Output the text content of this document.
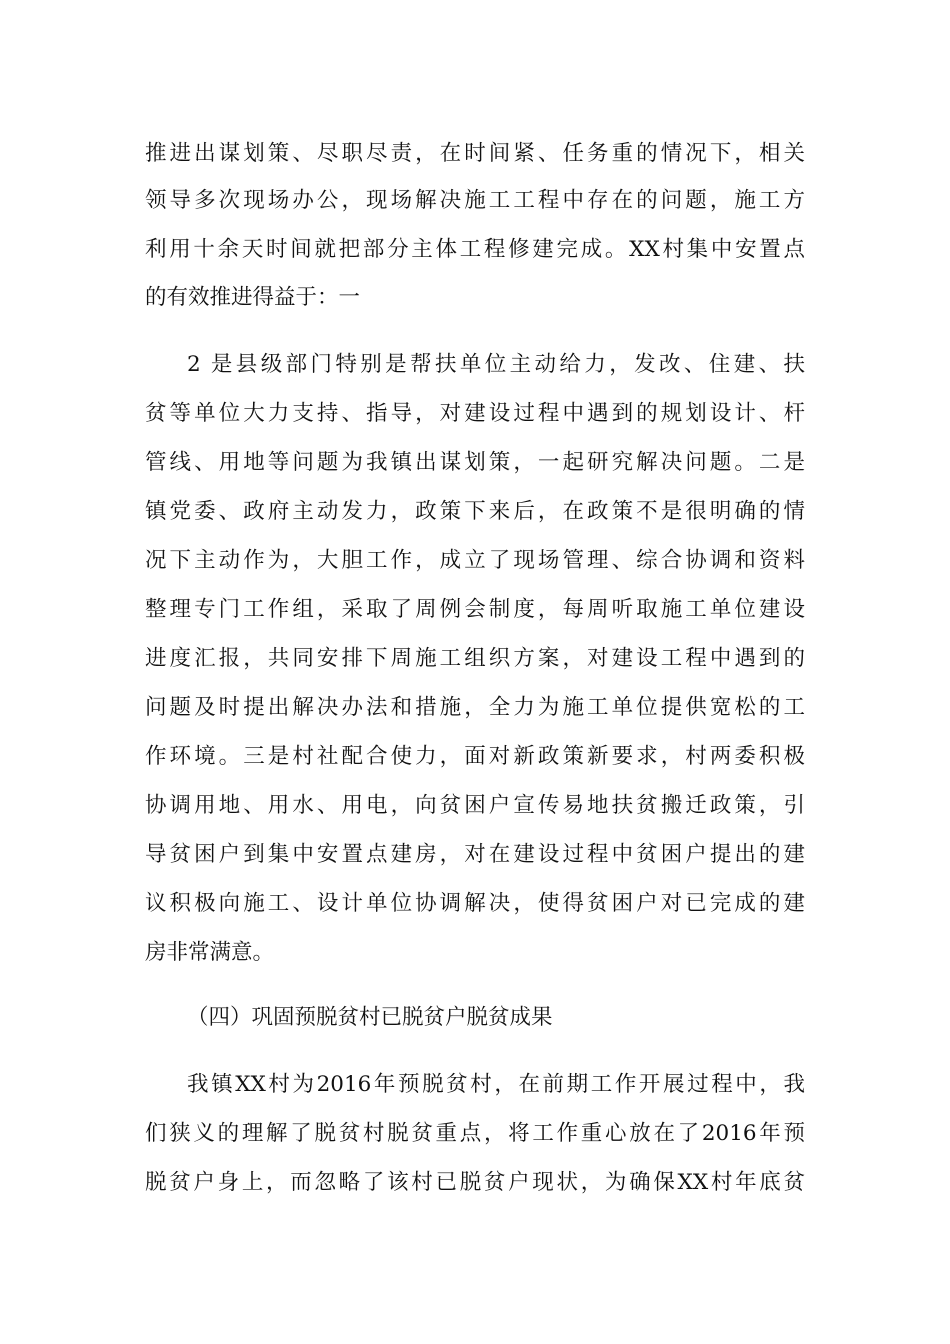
推进出谋划策、尽职尽责，在时间紧、任务重的情况下，相关
领导多次现场办公，现场解决施工工程中存在的问题，施工方
利用十余天时间就把部分主体工程修建完成。XX村集中安置点
的有效推进得益于：一
2 是县级部门特别是帮扶单位主动给力，发改、住建、扶
贫等单位大力支持、指导，对建设过程中遇到的规划设计、杆
管线、用地等问题为我镇出谋划策，一起研究解决问题。二是
镇党委、政府主动发力，政策下来后，在政策不是很明确的情
况下主动作为，大胆工作，成立了现场管理、综合协调和资料
整理专门工作组，采取了周例会制度，每周听取施工单位建设
进度汇报，共同安排下周施工组织方案，对建设工程中遇到的
问题及时提出解决办法和措施，全力为施工单位提供宽松的工
作环境。三是村社配合使力，面对新政策新要求，村两委积极
协调用地、用水、用电，向贫困户宣传易地扶贫搬迁政策，引
导贫困户到集中安置点建房，对在建设过程中贫困户提出的建
议积极向施工、设计单位协调解决，使得贫困户对已完成的建
房非常满意。
（四）巩固预脱贫村已脱贫户脱贫成果
我镇XX村为2016年预脱贫村，在前期工作开展过程中，我
们狭义的理解了脱贫村脱贫重点，将工作重心放在了2016年预
脱贫户身上，而忽略了该村已脱贫户现状，为确保XX村年底贫
